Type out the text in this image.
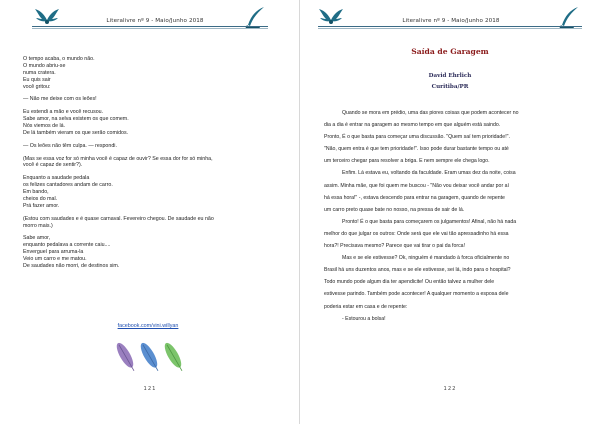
Literalivre nº 9 - Maio/Junho 2018
O tempo acaba, o mundo não.
O mundo abriu-se
numa cratera.
Eu quis sair
você gritou:
— Não me deixe com os leões!
Eu estendi a mão e você recusou.
Sabe amor, na selva existem os que comem.
Nós viemos de lá.
De lá também vieram os que serão comidos.
— Os leões não têm culpa. — respondi.
(Mas se essa voz for só minha você é capaz de ouvir? Se essa dor for só minha,
você é capaz de sentir?).
Enquanto a saudade pedala
os felizes cantadores andam de carro.
Em bando,
cheios do mal.
Prá fazer amor.
(Estou com saudades e é quase carnaval. Fevereiro chegou. De saudade eu não
morro mais.)
Sabe amor,
enquanto pedalava a corrente caiu....
Envergueí para arruma-la
Veio um carro e me matou.
De saudades não morri, de destinos sim.
facebook.com/vini.willyan
121
Literalivre nº 9 - Maio/Junho 2018
Saída de Garagem
David Ehrlich
Curitiba/PR
Quando se mora em prédio, uma das piores coisas que podem acontecer no
dia a dia é entrar na garagem ao mesmo tempo em que alguém está saindo.
Pronto, É o que basta para começar uma discussão. "Quem saí tem prioridade!".
"Não, quem entra é que tem prioridade!". Isso pode durar bastante tempo ou até
um terceiro chegar para resolver a briga. E nem sempre ele chega logo.
Enfim. Lá estava eu, voltando da faculdade. Eram umas dez da noite, coisa
assim. Minha mãe, que foi quem me buscou - "Não vou deixar você andar por aí
há essa hora!" -, estava descendo para entrar na garagem, quando de repente
um carro preto quase bate no nosso, na pressa de sair de lá.
Pronto! É o que basta para começarem os julgamentos! Afinal, não há nada
melhor do que julgar os outros: Onde será que ele vai tão apressadinho há essa
hora?! Precisava mesmo? Parece que vai tirar o pai da forca!
Mas e se ele estivesse? Ok, ninguém é mandado à forca oficialmente no
Brasil há uns duzentos anos, mas e se ele estivesse, sei lá, indo para o hospital?
Todo mundo pode algum dia ter apendicite! Ou então talvez a mulher dele
estivesse parindo. Também pode acontecer! A qualquer momento a esposa dele
poderia estar em casa e de repente:
- Estourou a bolsa!
122
